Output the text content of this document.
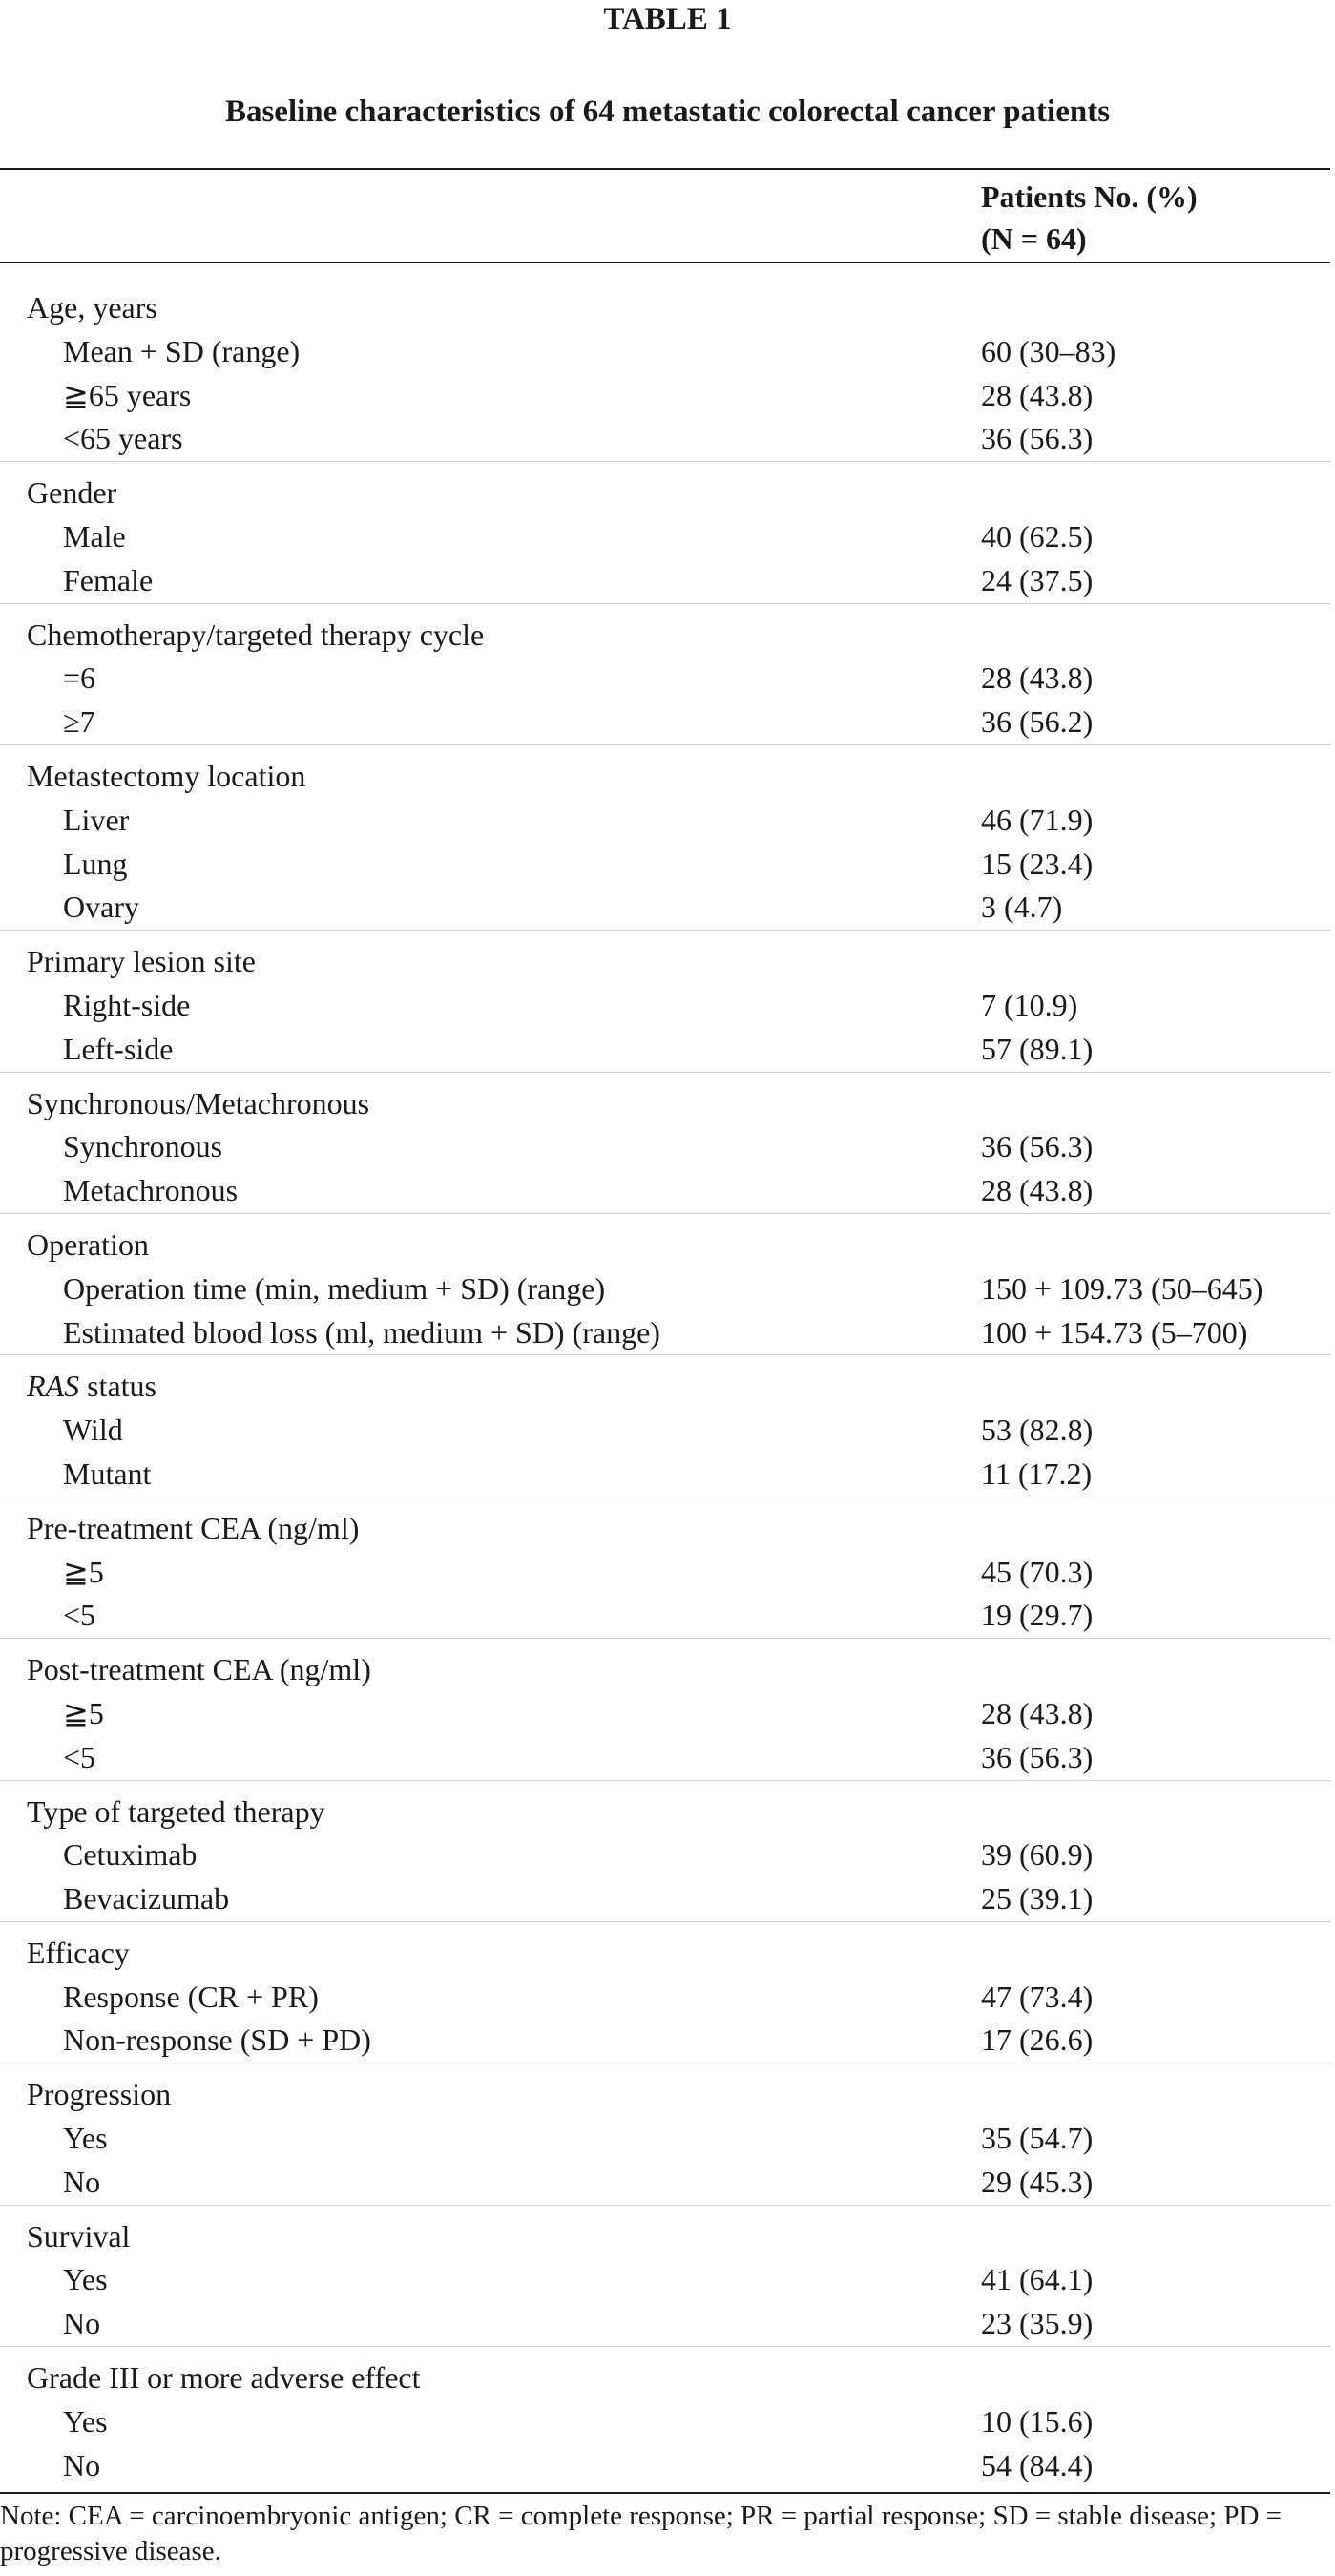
TABLE 1
Baseline characteristics of 64 metastatic colorectal cancer patients
Patients No. (%)
(N = 64)
Age, years
Mean + SD (range)	60 (30–83)
≧65 years	28 (43.8)
<65 years	36 (56.3)
Gender
Male	40 (62.5)
Female	24 (37.5)
Chemotherapy/targeted therapy cycle
=6	28 (43.8)
≥7	36 (56.2)
Metastectomy location
Liver	46 (71.9)
Lung	15 (23.4)
Ovary	3 (4.7)
Primary lesion site
Right-side	7 (10.9)
Left-side	57 (89.1)
Synchronous/Metachronous
Synchronous	36 (56.3)
Metachronous	28 (43.8)
Operation
Operation time (min, medium + SD) (range)	150 + 109.73 (50–645)
Estimated blood loss (ml, medium + SD) (range)	100 + 154.73 (5–700)
RAS status
Wild	53 (82.8)
Mutant	11 (17.2)
Pre-treatment CEA (ng/ml)
≧5	45 (70.3)
<5	19 (29.7)
Post-treatment CEA (ng/ml)
≧5	28 (43.8)
<5	36 (56.3)
Type of targeted therapy
Cetuximab	39 (60.9)
Bevacizumab	25 (39.1)
Efficacy
Response (CR + PR)	47 (73.4)
Non-response (SD + PD)	17 (26.6)
Progression
Yes	35 (54.7)
No	29 (45.3)
Survival
Yes	41 (64.1)
No	23 (35.9)
Grade III or more adverse effect
Yes	10 (15.6)
No	54 (84.4)
Note: CEA = carcinoembryonic antigen; CR = complete response; PR = partial response; SD = stable disease; PD = progressive disease.
